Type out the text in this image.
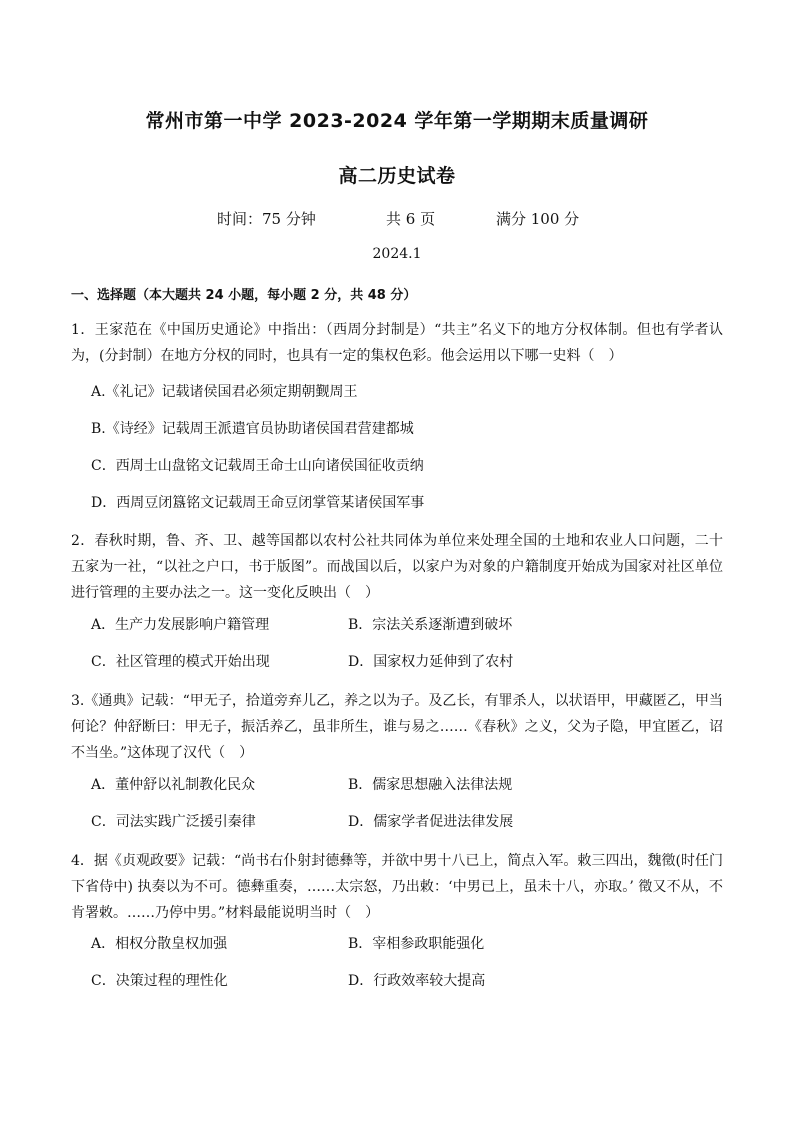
常州市第一中学 2023-2024 学年第一学期期末质量调研
高二历史试卷
时间：75 分钟	共 6 页	满分 100 分
2024.1
一、选择题（本大题共 24 小题，每小题 2 分，共 48 分）
1．王家范在《中国历史通论》中指出：（西周分封制是）“共主”名义下的地方分权体制。但也有学者认为，(分封制）在地方分权的同时，也具有一定的集权色彩。他会运用以下哪一史料（　）
A.《礼记》记载诸侯国君必须定期朝觐周王
B.《诗经》记载周王派遣官员协助诸侯国君营建都城
C．西周士山盘铭文记载周王命士山向诸侯国征收贡纳
D．西周豆闭簋铭文记载周王命豆闭掌管某诸侯国军事
2．春秋时期，鲁、齐、卫、越等国都以农村公社共同体为单位来处理全国的土地和农业人口问题，二十五家为一社，“以社之户口，书于版图”。而战国以后，以家户为对象的户籍制度开始成为国家对社区单位进行管理的主要办法之一。这一变化反映出（　）
A．生产力发展影响户籍管理	B．宗法关系逐渐遭到破坏
C．社区管理的模式开始出现	D．国家权力延伸到了农村
3.《通典》记载：“甲无子，拾道旁弃儿乙，养之以为子。及乙长，有罪杀人，以状语甲，甲藏匿乙，甲当何论？仲舒断曰：甲无子，振活养乙，虽非所生，谁与易之……《春秋》之义，父为子隐，甲宜匿乙，诏不当坐。”这体现了汉代（　）
A．董仲舒以礼制教化民众	B．儒家思想融入法律法规
C．司法实践广泛援引秦律	D．儒家学者促进法律发展
4．据《贞观政要》记载：“尚书右仆射封德彝等，并欲中男十八已上，简点入军。敕三四出，魏徵(时任门下省侍中) 执奏以为不可。德彝重奏，……太宗怒，乃出敕：‘中男已上，虽未十八，亦取。’ 徵又不从，不肯署敕。……乃停中男。”材料最能说明当时（　）
A．相权分散皇权加强	B．宰相参政职能强化
C．决策过程的理性化	D．行政效率较大提高
